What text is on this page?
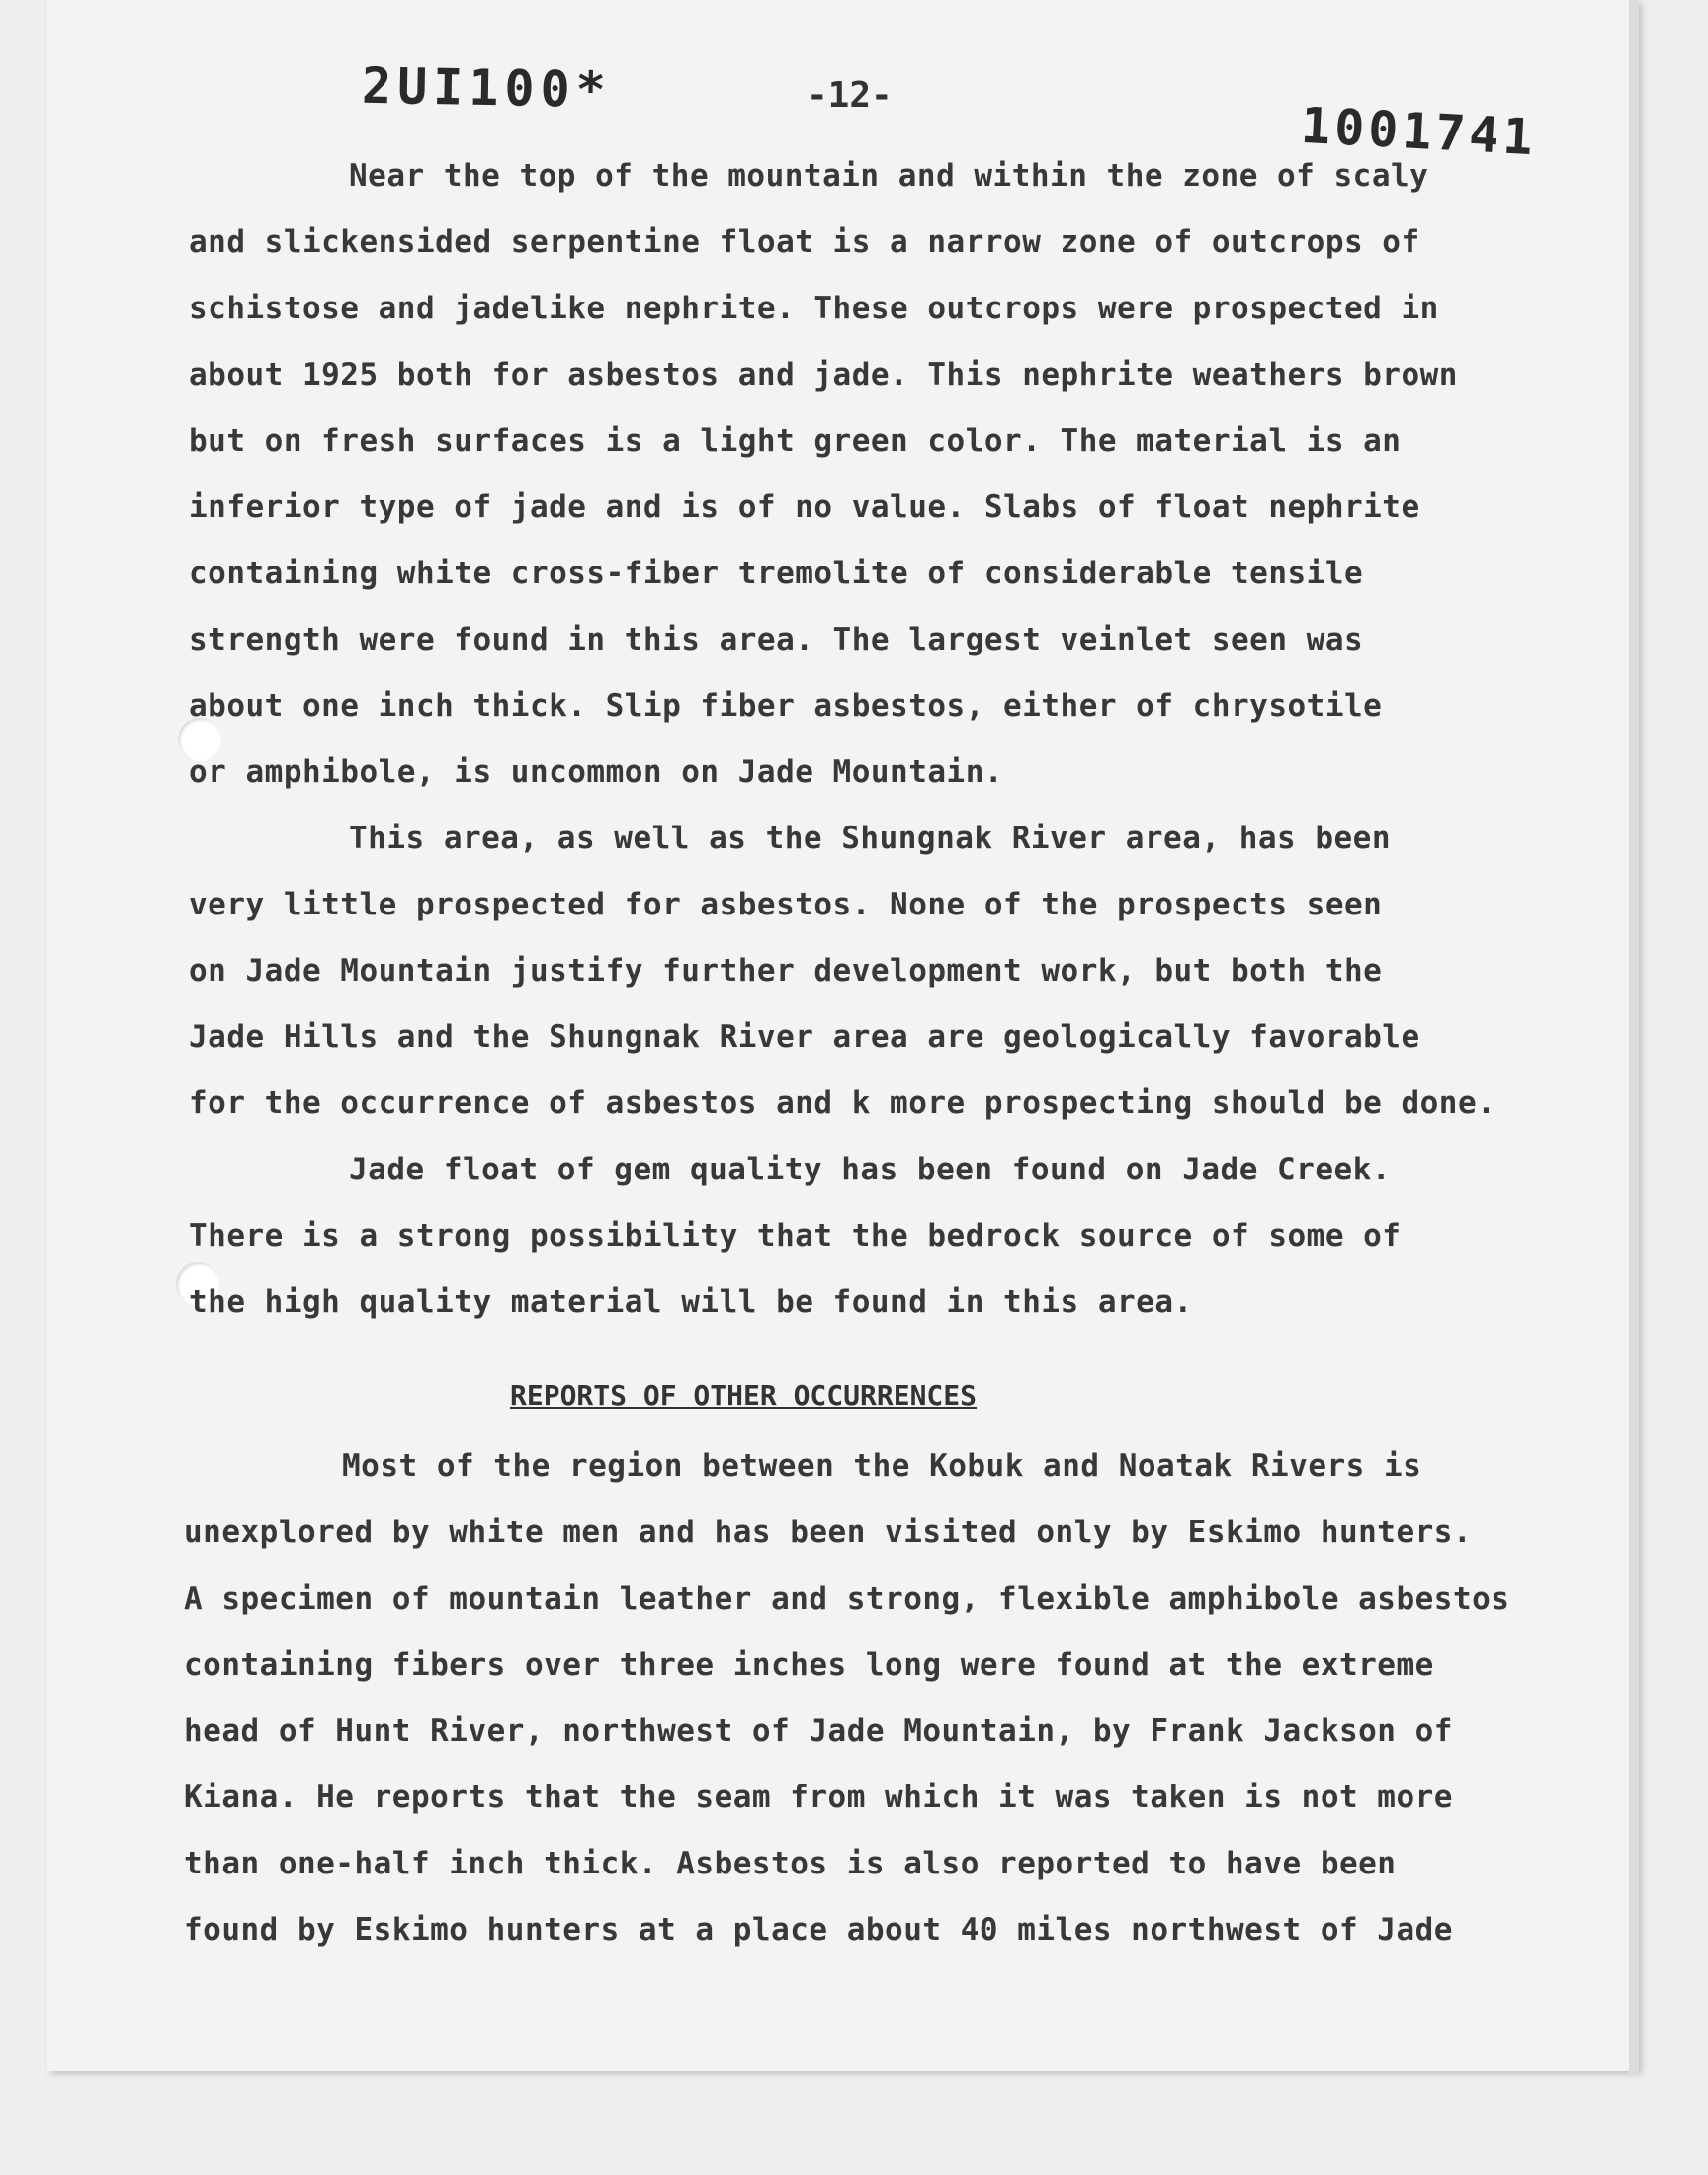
2UI100*	-12-
1001741
Near the top of the mountain and within the zone of scaly
and slickensided serpentine float is a narrow zone of outcrops of
schistose and jadelike nephrite. These outcrops were prospected in
about 1925 both for asbestos and jade. This nephrite weathers brown
but on fresh surfaces is a light green color. The material is an
inferior type of jade and is of no value. Slabs of float nephrite
containing white cross-fiber tremolite of considerable tensile
strength were found in this area. The largest veinlet seen was
about one inch thick. Slip fiber asbestos, either of chrysotile
or amphibole, is uncommon on Jade Mountain.
This area, as well as the Shungnak River area, has been
very little prospected for asbestos. None of the prospects seen
on Jade Mountain justify further development work, but both the
Jade Hills and the Shungnak River area are geologically favorable
for the occurrence of asbestos and k more prospecting should be done.
Jade float of gem quality has been found on Jade Creek.
There is a strong possibility that the bedrock source of some of
the high quality material will be found in this area.
REPORTS OF OTHER OCCURRENCES
Most of the region between the Kobuk and Noatak Rivers is
unexplored by white men and has been visited only by Eskimo hunters.
A specimen of mountain leather and strong, flexible amphibole asbestos
containing fibers over three inches long were found at the extreme
head of Hunt River, northwest of Jade Mountain, by Frank Jackson of
Kiana. He reports that the seam from which it was taken is not more
than one-half inch thick. Asbestos is also reported to have been
found by Eskimo hunters at a place about 40 miles northwest of Jade
